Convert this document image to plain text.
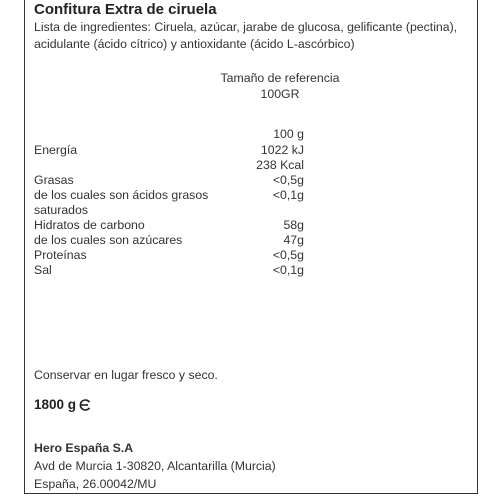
Confitura Extra de ciruela
Lista de ingredientes: Ciruela, azúcar, jarabe de glucosa, gelificante (pectina),
acidulante (ácido cítrico) y antioxidante (ácido L-ascórbico)
Tamaño de referencia
100GR
100 g
Energía	1022 kJ
238 Kcal
Grasas	<0,5g
de los cuales son ácidos grasos	<0,1g
saturados
Hidratos de carbono	58g
de los cuales son azúcares	47g
Proteínas	<0,5g
Sal	<0,1g
Conservar en lugar fresco y seco.
1800 g
Hero España S.A
Avd de Murcia 1-30820, Alcantarilla (Murcia)
España, 26.00042/MU
